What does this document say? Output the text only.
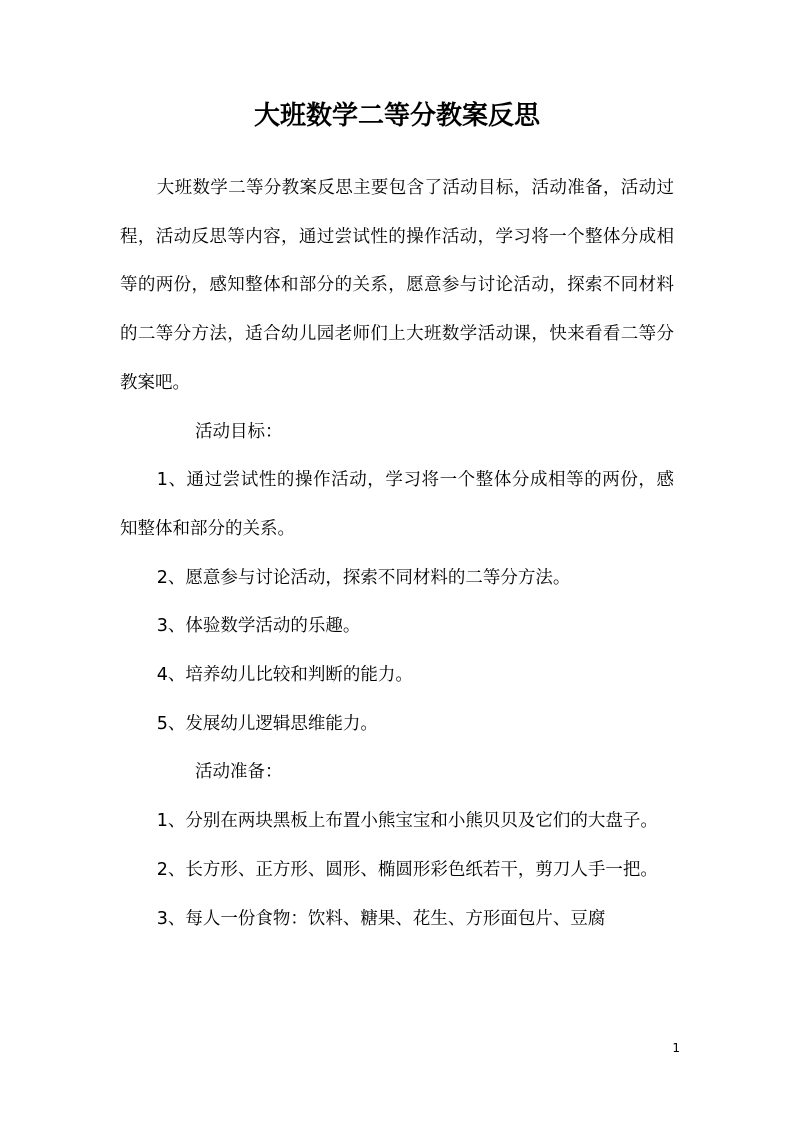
大班数学二等分教案反思

大班数学二等分教案反思主要包含了活动目标，活动准备，活动过程，活动反思等内容，通过尝试性的操作活动，学习将一个整体分成相等的两份，感知整体和部分的关系，愿意参与讨论活动，探索不同材料的二等分方法，适合幼儿园老师们上大班数学活动课，快来看看二等分教案吧。

活动目标：

1、通过尝试性的操作活动，学习将一个整体分成相等的两份，感知整体和部分的关系。

2、愿意参与讨论活动，探索不同材料的二等分方法。

3、体验数学活动的乐趣。

4、培养幼儿比较和判断的能力。

5、发展幼儿逻辑思维能力。

活动准备：

1、分别在两块黑板上布置小熊宝宝和小熊贝贝及它们的大盘子。

2、长方形、正方形、圆形、椭圆形彩色纸若干，剪刀人手一把。

3、每人一份食物：饮料、糖果、花生、方形面包片、豆腐

1
